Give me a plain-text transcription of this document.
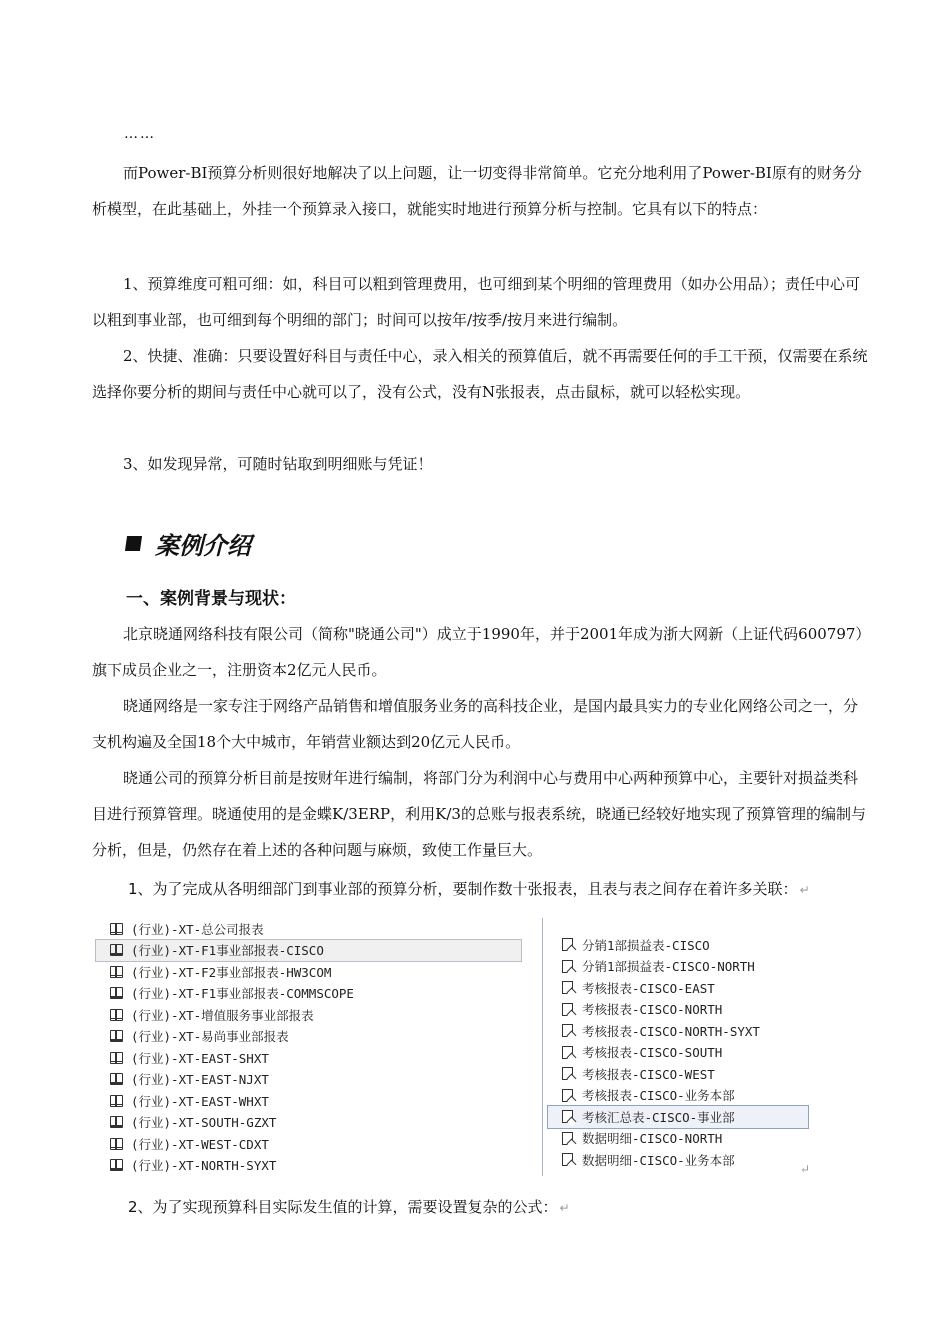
……

而Power-BI预算分析则很好地解决了以上问题，让一切变得非常简单。它充分地利用了Power-BI原有的财务分析模型，在此基础上，外挂一个预算录入接口，就能实时地进行预算分析与控制。它具有以下的特点：

1、预算维度可粗可细：如，科目可以粗到管理费用，也可细到某个明细的管理费用（如办公用品）；责任中心可以粗到事业部，也可细到每个明细的部门；时间可以按年/按季/按月来进行编制。

2、快捷、准确：只要设置好科目与责任中心，录入相关的预算值后，就不再需要任何的手工干预，仅需要在系统选择你要分析的期间与责任中心就可以了，没有公式，没有N张报表，点击鼠标，就可以轻松实现。

3、如发现异常，可随时钻取到明细账与凭证！

案例介绍
一、案例背景与现状：

北京晓通网络科技有限公司（简称"晓通公司"）成立于1990年，并于2001年成为浙大网新（上证代码600797）旗下成员企业之一，注册资本2亿元人民币。

晓通网络是一家专注于网络产品销售和增值服务业务的高科技企业，是国内最具实力的专业化网络公司之一，分支机构遍及全国18个大中城市，年销营业额达到20亿元人民币。

晓通公司的预算分析目前是按财年进行编制，将部门分为利润中心与费用中心两种预算中心，主要针对损益类科目进行预算管理。晓通使用的是金蝶K/3ERP，利用K/3的总账与报表系统，晓通已经较好地实现了预算管理的编制与分析，但是，仍然存在着上述的各种问题与麻烦，致使工作量巨大。

1、为了完成从各明细部门到事业部的预算分析，要制作数十张报表，且表与表之间存在着许多关联： ↵
(行业)-XT-总公司报表
(行业)-XT-F1事业部报表-CISCO
(行业)-XT-F2事业部报表-HW3COM
(行业)-XT-F1事业部报表-COMMSCOPE
(行业)-XT-增值服务事业部报表
(行业)-XT-易尚事业部报表
(行业)-XT-EAST-SHXT
(行业)-XT-EAST-NJXT
(行业)-XT-EAST-WHXT
(行业)-XT-SOUTH-GZXT
(行业)-XT-WEST-CDXT
(行业)-XT-NORTH-SYXT
分销1部损益表-CISCO
分销1部损益表-CISCO-NORTH
考核报表-CISCO-EAST
考核报表-CISCO-NORTH
考核报表-CISCO-NORTH-SYXT
考核报表-CISCO-SOUTH
考核报表-CISCO-WEST
考核报表-CISCO-业务本部
考核汇总表-CISCO-事业部
数据明细-CISCO-NORTH
数据明细-CISCO-业务本部
↵
2、为了实现预算科目实际发生值的计算，需要设置复杂的公式： ↵
